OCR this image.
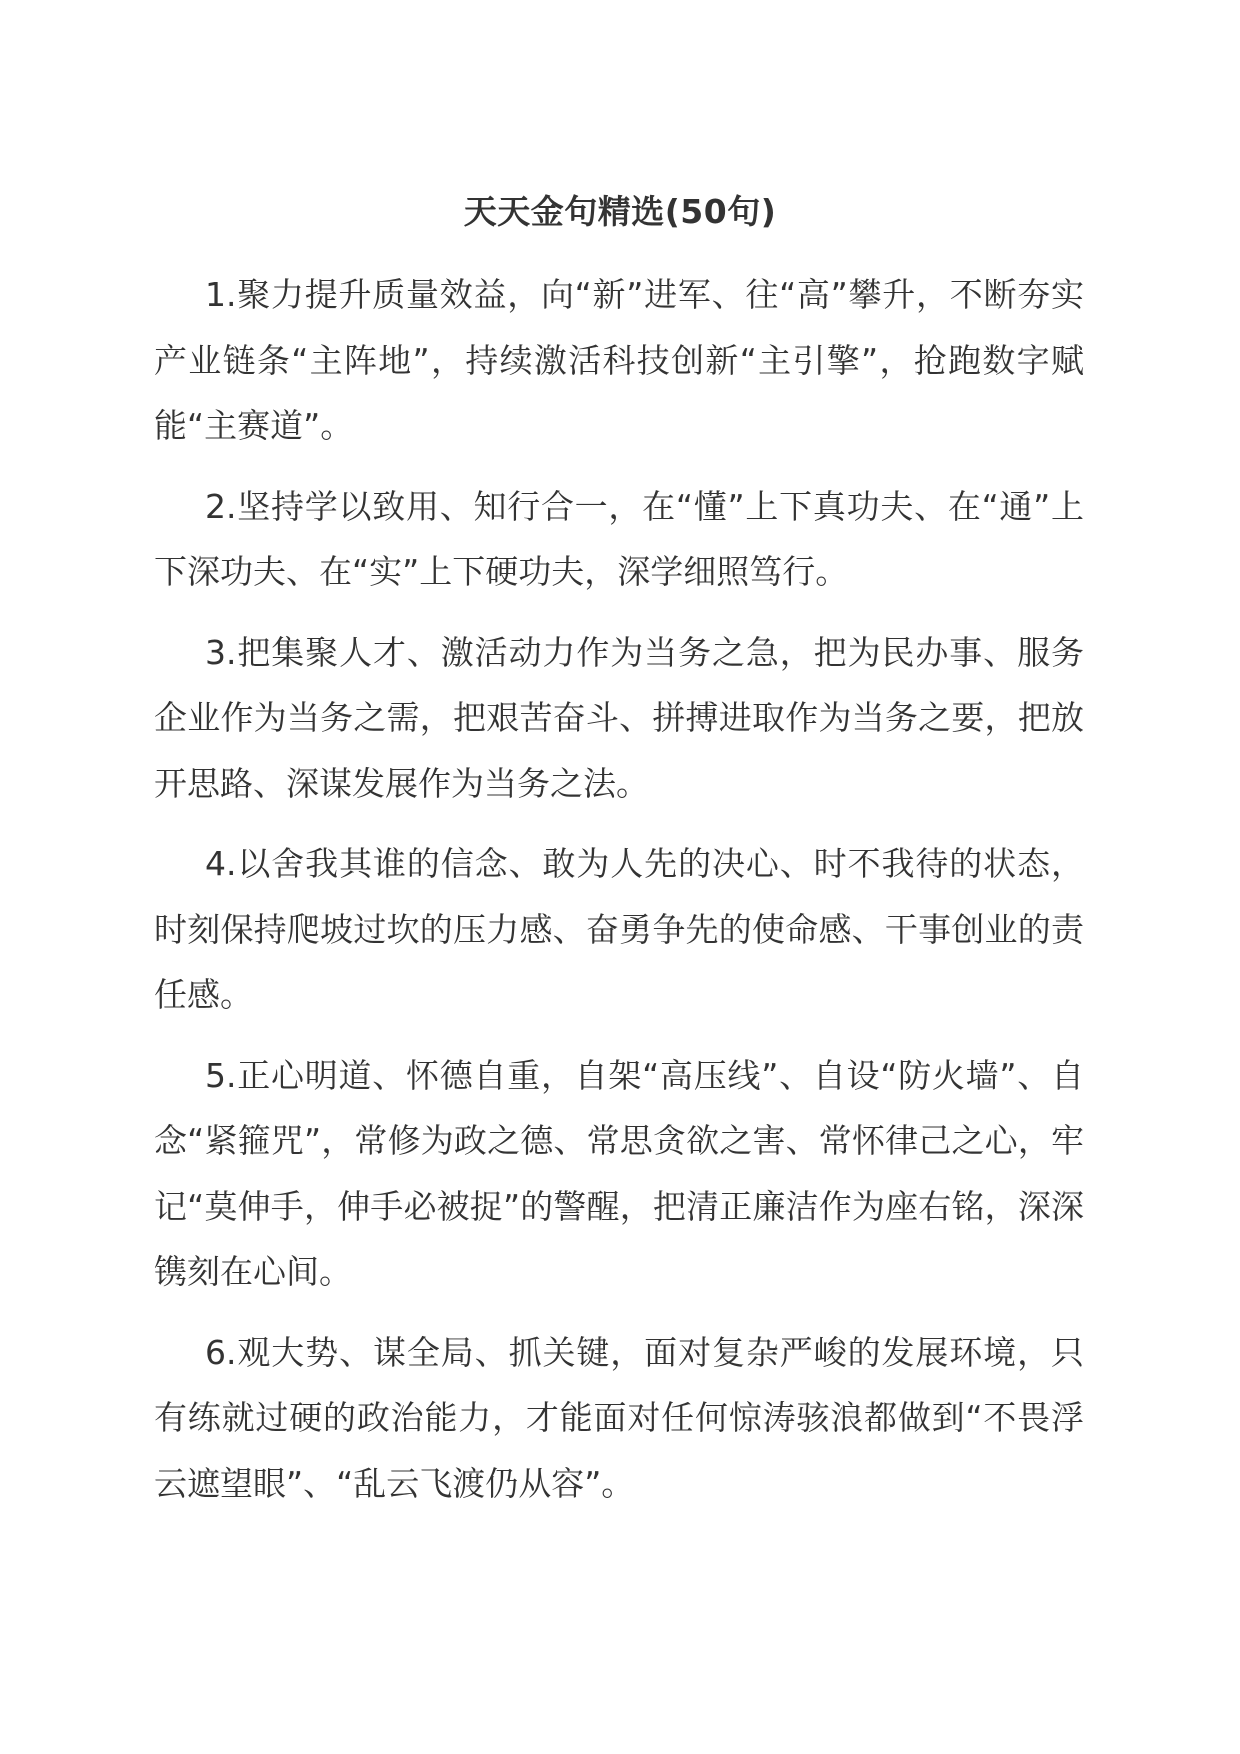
天天金句精选(50句)

1.聚力提升质量效益，向“新”进军、往“高”攀升，不断夯实产业链条“主阵地”，持续激活科技创新“主引擎”，抢跑数字赋能“主赛道”。

2.坚持学以致用、知行合一，在“懂”上下真功夫、在“通”上下深功夫、在“实”上下硬功夫，深学细照笃行。

3.把集聚人才、激活动力作为当务之急，把为民办事、服务企业作为当务之需，把艰苦奋斗、拼搏进取作为当务之要，把放开思路、深谋发展作为当务之法。

4.以舍我其谁的信念、敢为人先的决心、时不我待的状态，时刻保持爬坡过坎的压力感、奋勇争先的使命感、干事创业的责任感。

5.正心明道、怀德自重，自架“高压线”、自设“防火墙”、自念“紧箍咒”，常修为政之德、常思贪欲之害、常怀律己之心，牢记“莫伸手，伸手必被捉”的警醒，把清正廉洁作为座右铭，深深镌刻在心间。

6.观大势、谋全局、抓关键，面对复杂严峻的发展环境，只有练就过硬的政治能力，才能面对任何惊涛骇浪都做到“不畏浮云遮望眼”、“乱云飞渡仍从容”。
